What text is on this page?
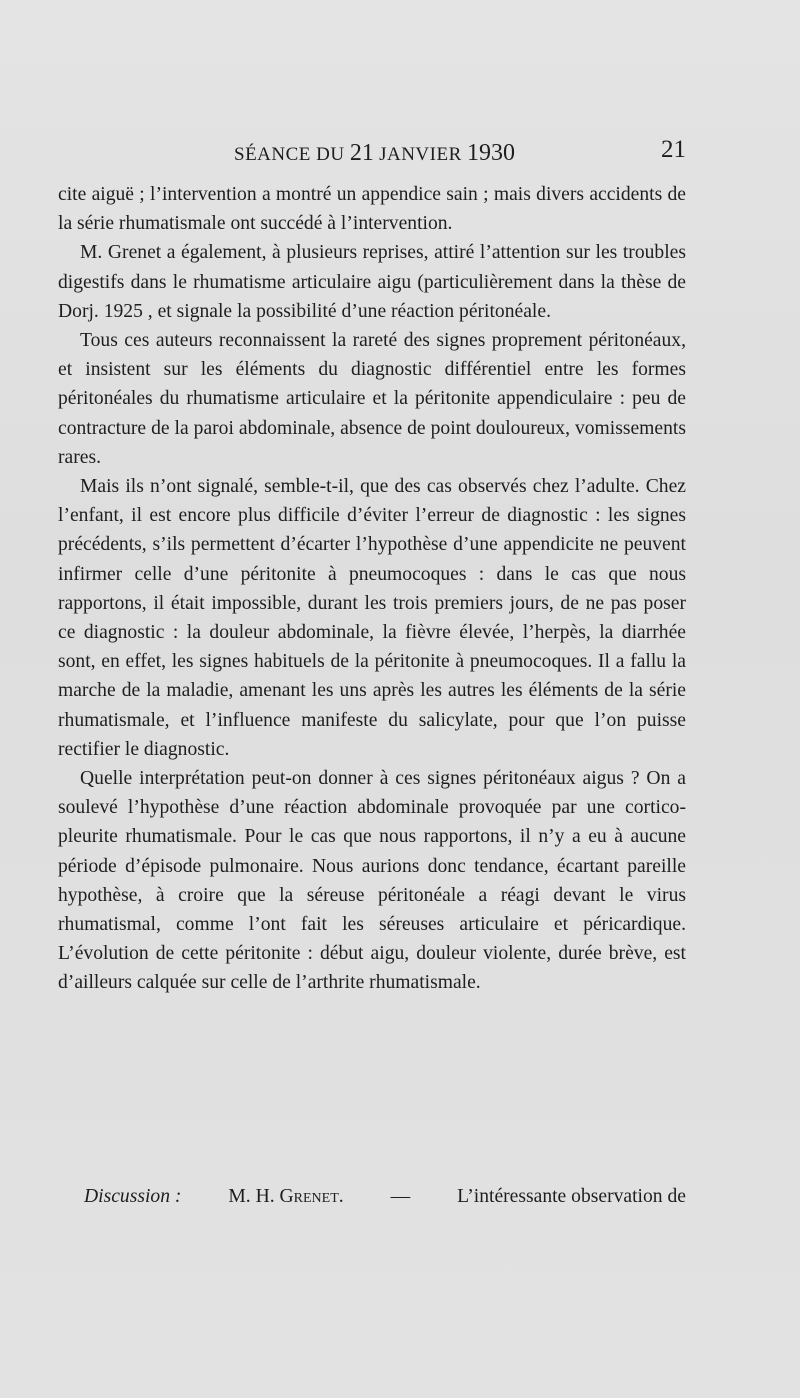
SÉANCE DU 21 JANVIER 1930	21

cite aiguë ; l’intervention a montré un appendice sain ; mais divers accidents de la série rhumatismale ont succédé à l’intervention.

M. Grenet a également, à plusieurs reprises, attiré l’attention sur les troubles digestifs dans le rhumatisme articulaire aigu (particulièrement dans la thèse de Dorj. 1925 , et signale la possibilité d’une réaction péritonéale.

Tous ces auteurs reconnaissent la rareté des signes proprement péritonéaux, et insistent sur les éléments du diagnostic différentiel entre les formes péritonéales du rhumatisme articulaire et la péritonite appendiculaire : peu de contracture de la paroi abdominale, absence de point douloureux, vomissements rares.

Mais ils n’ont signalé, semble-t-il, que des cas observés chez l’adulte. Chez l’enfant, il est encore plus difficile d’éviter l’erreur de diagnostic : les signes précédents, s’ils permettent d’écarter l’hypothèse d’une appendicite ne peuvent infirmer celle d’une péritonite à pneumocoques : dans le cas que nous rapportons, il était impossible, durant les trois premiers jours, de ne pas poser ce diagnostic : la douleur abdominale, la fièvre élevée, l’herpès, la diarrhée sont, en effet, les signes habituels de la péritonite à pneumocoques. Il a fallu la marche de la maladie, amenant les uns après les autres les éléments de la série rhumatismale, et l’influence manifeste du salicylate, pour que l’on puisse rectifier le diagnostic.

Quelle interprétation peut-on donner à ces signes péritonéaux aigus ? On a soulevé l’hypothèse d’une réaction abdominale provoquée par une cortico-pleurite rhumatismale. Pour le cas que nous rapportons, il n’y a eu à aucune période d’épisode pulmonaire. Nous aurions donc tendance, écartant pareille hypothèse, à croire que la séreuse péritonéale a réagi devant le virus rhumatismal, comme l’ont fait les séreuses articulaire et péricardique. L’évolution de cette péritonite : début aigu, douleur violente, durée brève, est d’ailleurs calquée sur celle de l’arthrite rhumatismale.

Discussion : M. H. Grenet. — L’intéressante observation de
